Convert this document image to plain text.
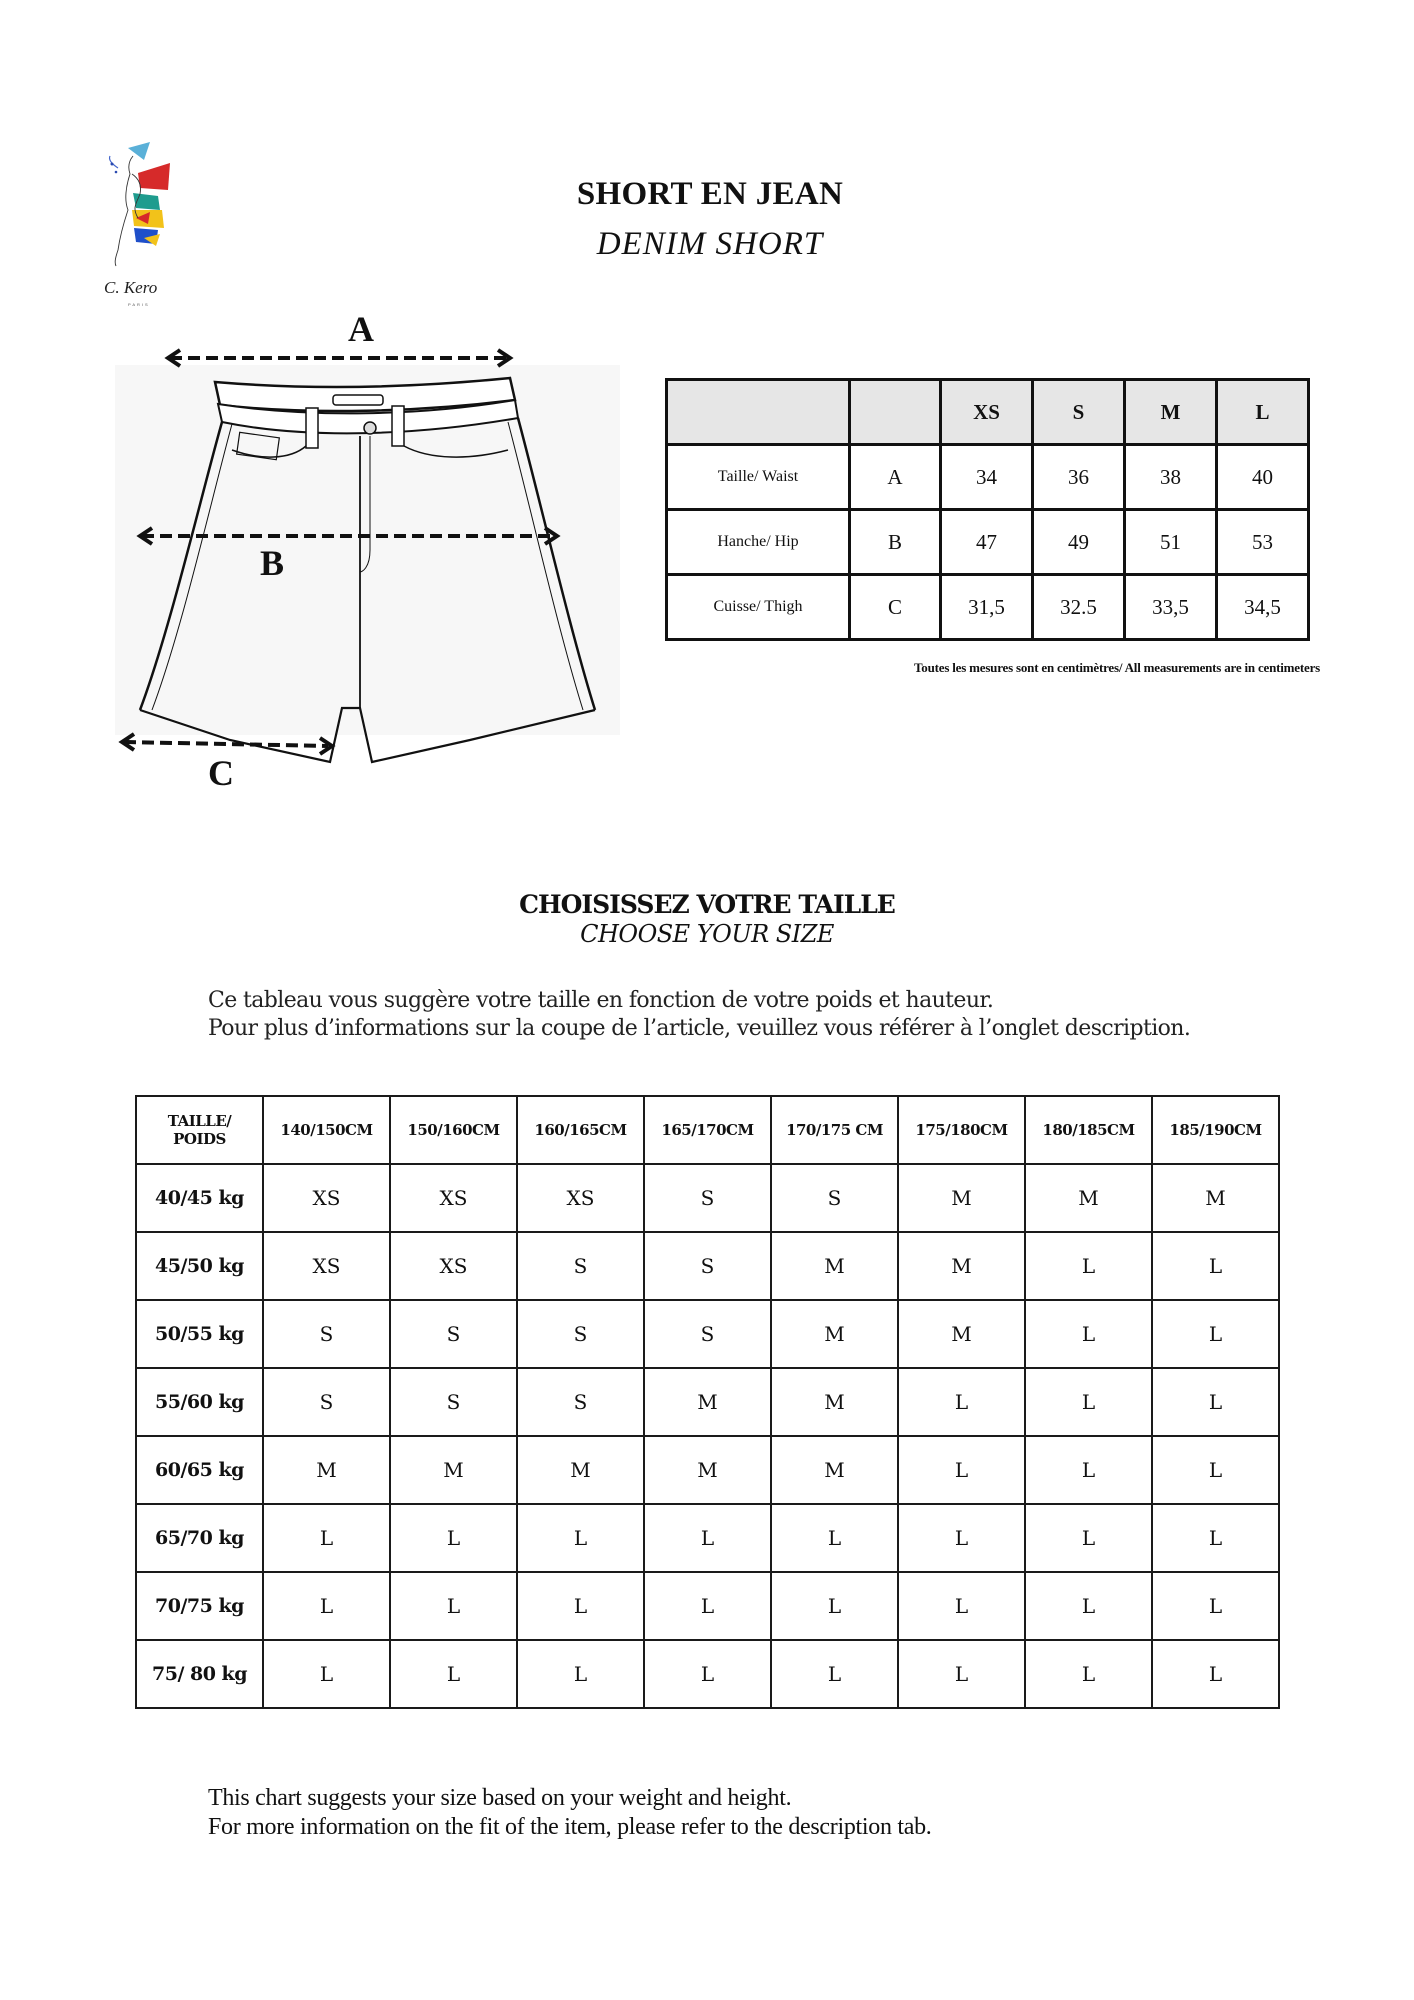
C. Kero
PARIS
SHORT EN JEAN
DENIM SHORT
A
B
C
		XS	S	M	L
Taille/ Waist	A	34	36	38	40
Hanche/ Hip	B	47	49	51	53
Cuisse/ Thigh	C	31,5	32.5	33,5	34,5
Toutes les mesures sont en centimètres/ All measurements are in centimeters
CHOISISSEZ VOTRE TAILLE
CHOOSE YOUR SIZE
Ce tableau vous suggère votre taille en fonction de votre poids et hauteur.
Pour plus d’informations sur la coupe de l’article, veuillez vous référer à l’onglet description.
TAILLE/
POIDS	140/150CM	150/160CM	160/165CM	165/170CM	170/175 CM	175/180CM	180/185CM	185/190CM
40/45 kg	XS	XS	XS	S	S	M	M	M
45/50 kg	XS	XS	S	S	M	M	L	L
50/55 kg	S	S	S	S	M	M	L	L
55/60 kg	S	S	S	M	M	L	L	L
60/65 kg	M	M	M	M	M	L	L	L
65/70 kg	L	L	L	L	L	L	L	L
70/75 kg	L	L	L	L	L	L	L	L
75/ 80 kg	L	L	L	L	L	L	L	L
This chart suggests your size based on your weight and height.
For more information on the fit of the item, please refer to the description tab.
